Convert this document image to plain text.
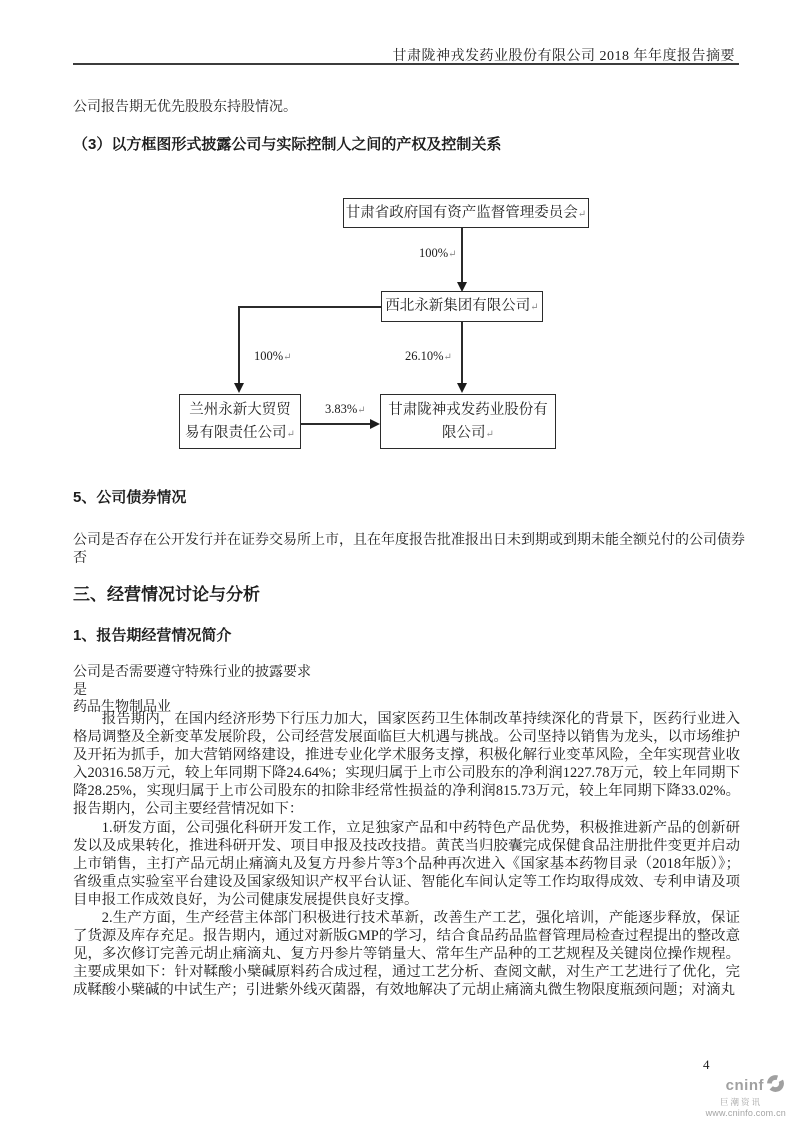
甘肃陇神戎发药业股份有限公司 2018 年年度报告摘要
公司报告期无优先股股东持股情况。
（3）以方框图形式披露公司与实际控制人之间的产权及控制关系
甘肃省政府国有资产监督管理委员会↵
100%↵
西北永新集团有限公司↵
100%↵	26.10%↵
兰州永新大贸贸
易有限责任公司↵
甘肃陇神戎发药业股份有
限公司↵
3.83%↵
5、公司债券情况
公司是否存在公开发行并在证券交易所上市，且在年度报告批准报出日未到期或到期未能全额兑付的公司债券
否
三、经营情况讨论与分析
1、报告期经营情况简介
公司是否需要遵守特殊行业的披露要求
是
药品生物制品业

报告期内，在国内经济形势下行压力加大，国家医药卫生体制改革持续深化的背景下，医药行业进入格局调整及全新变革发展阶段，公司经营发展面临巨大机遇与挑战。公司坚持以销售为龙头，以市场维护及开拓为抓手，加大营销网络建设，推进专业化学术服务支撑，积极化解行业变革风险，全年实现营业收入20316.58万元，较上年同期下降24.64%；实现归属于上市公司股东的净利润1227.78万元，较上年同期下降28.25%，实现归属于上市公司股东的扣除非经常性损益的净利润815.73万元，较上年同期下降33.02%。报告期内，公司主要经营情况如下：

1.研发方面，公司强化科研开发工作，立足独家产品和中药特色产品优势，积极推进新产品的创新研发以及成果转化，推进科研开发、项目申报及技改技措。黄芪当归胶囊完成保健食品注册批件变更并启动上市销售，主打产品元胡止痛滴丸及复方丹参片等3个品种再次进入《国家基本药物目录（2018年版）》；省级重点实验室平台建设及国家级知识产权平台认证、智能化车间认定等工作均取得成效、专利申请及项目申报工作成效良好，为公司健康发展提供良好支撑。

2.生产方面，生产经营主体部门积极进行技术革新，改善生产工艺，强化培训，产能逐步释放，保证了货源及库存充足。报告期内，通过对新版GMP的学习，结合食品药品监督管理局检查过程提出的整改意见，多次修订完善元胡止痛滴丸、复方丹参片等销量大、常年生产品种的工艺规程及关键岗位操作规程。主要成果如下：针对鞣酸小檗碱原料药合成过程，通过工艺分析、查阅文献，对生产工艺进行了优化，完成鞣酸小檗碱的中试生产；引进紫外线灭菌器，有效地解决了元胡止痛滴丸微生物限度瓶颈问题；对滴丸

4
cninf
巨潮资讯
www.cninfo.com.cn
